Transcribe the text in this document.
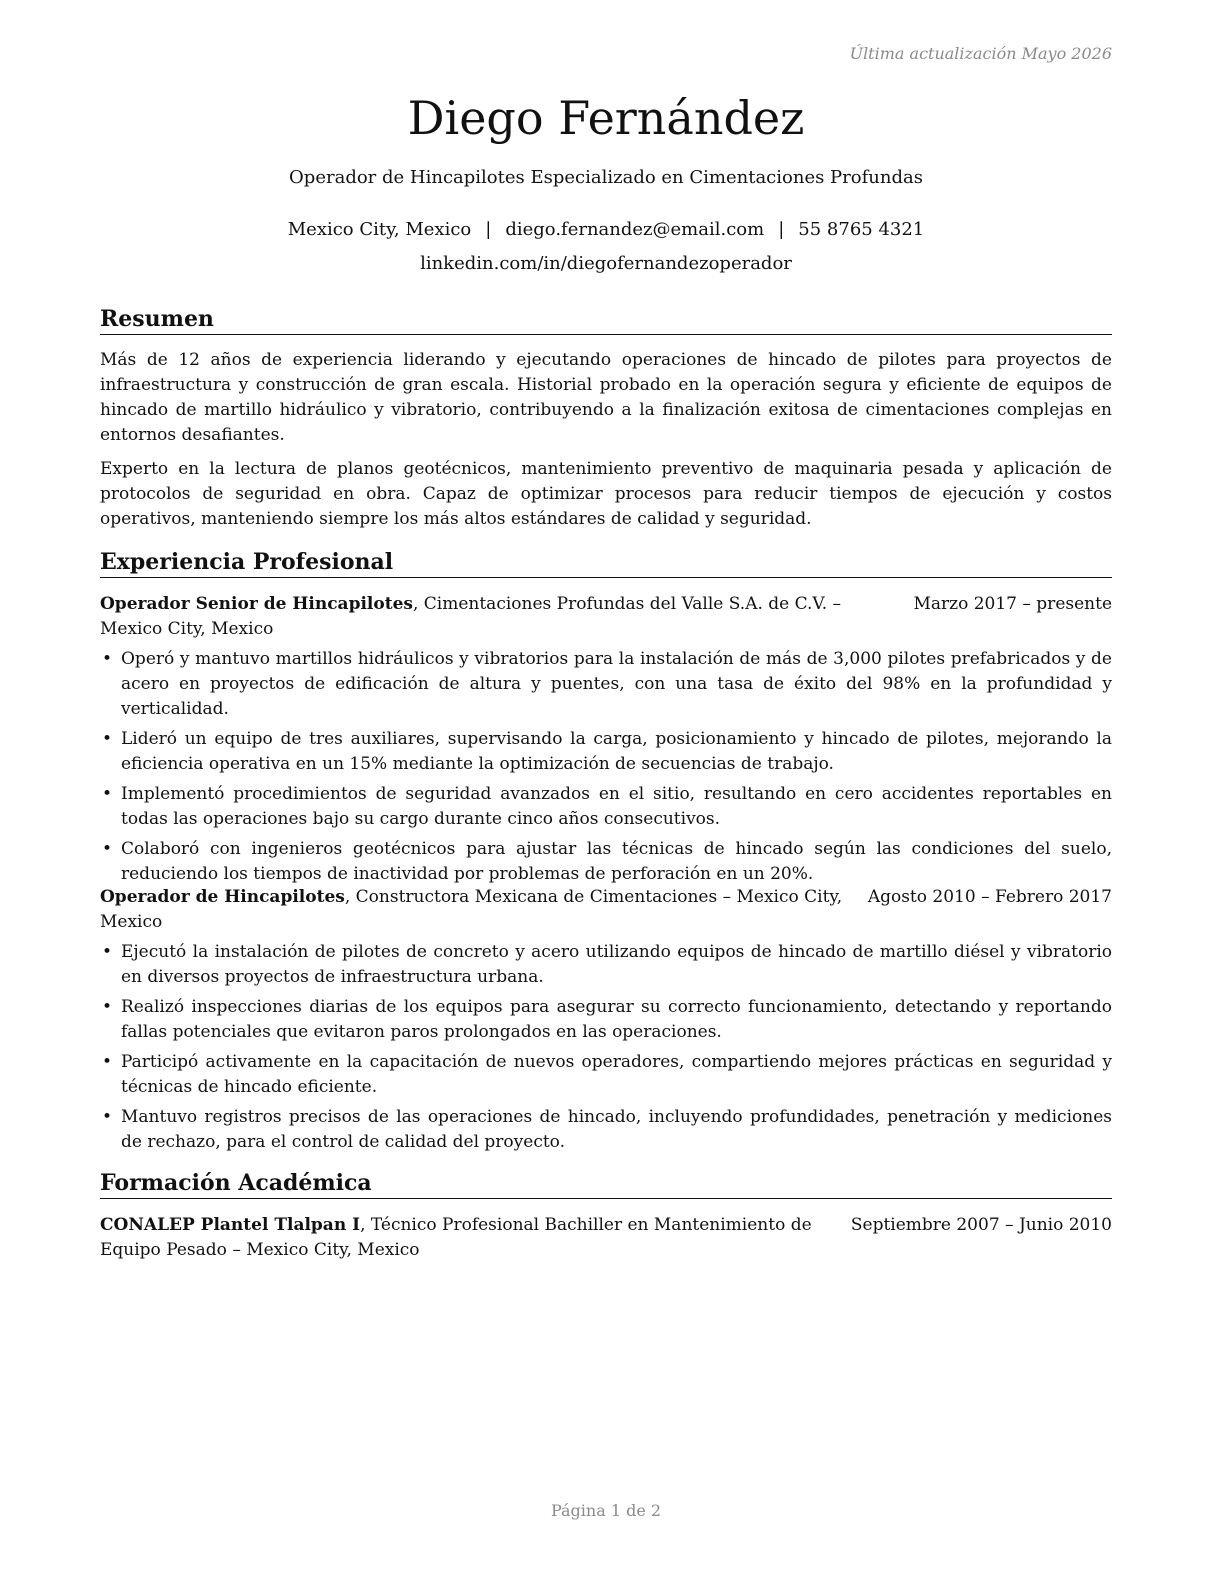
Última actualización Mayo 2026
Diego Fernández
Operador de Hincapilotes Especializado en Cimentaciones Profundas
Mexico City, Mexico | diego.fernandez@email.com | 55 8765 4321
linkedin.com/in/diegofernandezoperador
Resumen

Más de 12 años de experiencia liderando y ejecutando operaciones de hincado de pilotes para proyectos de infraestructura y construcción de gran escala. Historial probado en la operación segura y eficiente de equipos de hincado de martillo hidráulico y vibratorio, contribuyendo a la finalización exitosa de cimentaciones complejas en entornos desafiantes.

Experto en la lectura de planos geotécnicos, mantenimiento preventivo de maquinaria pesada y aplicación de protocolos de seguridad en obra. Capaz de optimizar procesos para reducir tiempos de ejecución y costos operativos, manteniendo siempre los más altos estándares de calidad y seguridad.

Experiencia Profesional
Marzo 2017 – presente
Operador Senior de Hincapilotes, Cimentaciones Profundas del Valle S.A. de C.V. – Mexico City, Mexico
• Operó y mantuvo martillos hidráulicos y vibratorios para la instalación de más de 3,000 pilotes prefabricados y de acero en proyectos de edificación de altura y puentes, con una tasa de éxito del 98% en la profundidad y verticalidad.
• Lideró un equipo de tres auxiliares, supervisando la carga, posicionamiento y hincado de pilotes, mejorando la eficiencia operativa en un 15% mediante la optimización de secuencias de trabajo.
• Implementó procedimientos de seguridad avanzados en el sitio, resultando en cero accidentes reportables en todas las operaciones bajo su cargo durante cinco años consecutivos.
• Colaboró con ingenieros geotécnicos para ajustar las técnicas de hincado según las condiciones del suelo, reduciendo los tiempos de inactividad por problemas de perforación en un 20%.
Agosto 2010 – Febrero 2017
Operador de Hincapilotes, Constructora Mexicana de Cimentaciones – Mexico City, Mexico
• Ejecutó la instalación de pilotes de concreto y acero utilizando equipos de hincado de martillo diésel y vibratorio en diversos proyectos de infraestructura urbana.
• Realizó inspecciones diarias de los equipos para asegurar su correcto funcionamiento, detectando y reportando fallas potenciales que evitaron paros prolongados en las operaciones.
• Participó activamente en la capacitación de nuevos operadores, compartiendo mejores prácticas en seguridad y técnicas de hincado eficiente.
• Mantuvo registros precisos de las operaciones de hincado, incluyendo profundidades, penetración y mediciones de rechazo, para el control de calidad del proyecto.
Formación Académica
Septiembre 2007 – Junio 2010
CONALEP Plantel Tlalpan I, Técnico Profesional Bachiller en Mantenimiento de Equipo Pesado – Mexico City, Mexico
Página 1 de 2
